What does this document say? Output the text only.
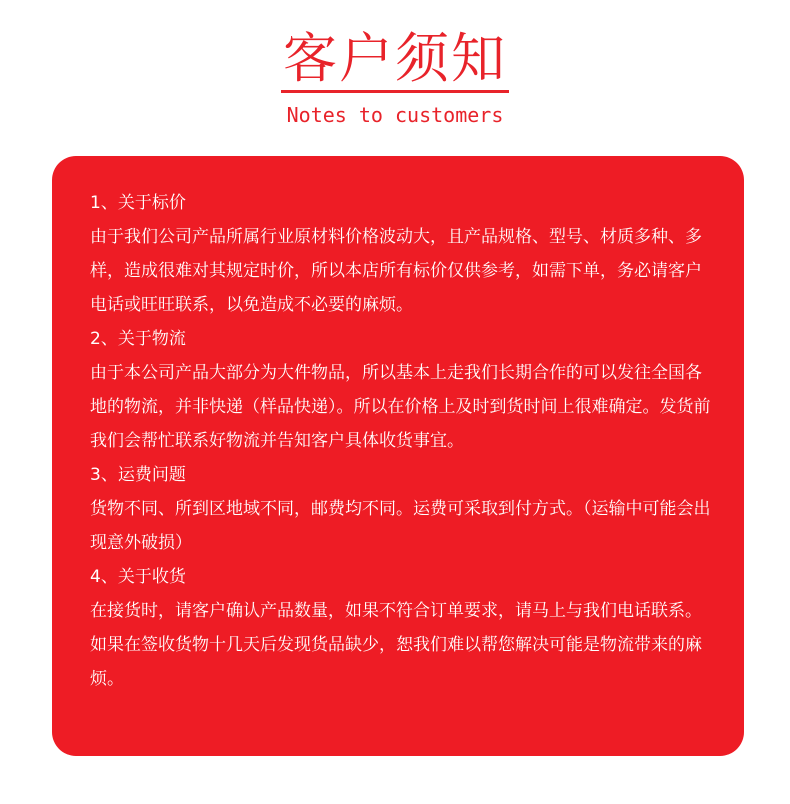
客户须知
Notes to customers

1、关于标价

由于我们公司产品所属行业原材料价格波动大，且产品规格、型号、材质多种、多样，造成很难对其规定时价，所以本店所有标价仅供参考，如需下单，务必请客户电话或旺旺联系，以免造成不必要的麻烦。

2、关于物流

由于本公司产品大部分为大件物品，所以基本上走我们长期合作的可以发往全国各地的物流，并非快递（样品快递）。所以在价格上及时到货时间上很难确定。发货前我们会帮忙联系好物流并告知客户具体收货事宜。

3、运费问题

货物不同、所到区地域不同，邮费均不同。运费可采取到付方式。（运输中可能会出现意外破损）

4、关于收货

在接货时，请客户确认产品数量，如果不符合订单要求，请马上与我们电话联系。如果在签收货物十几天后发现货品缺少，恕我们难以帮您解决可能是物流带来的麻烦。
